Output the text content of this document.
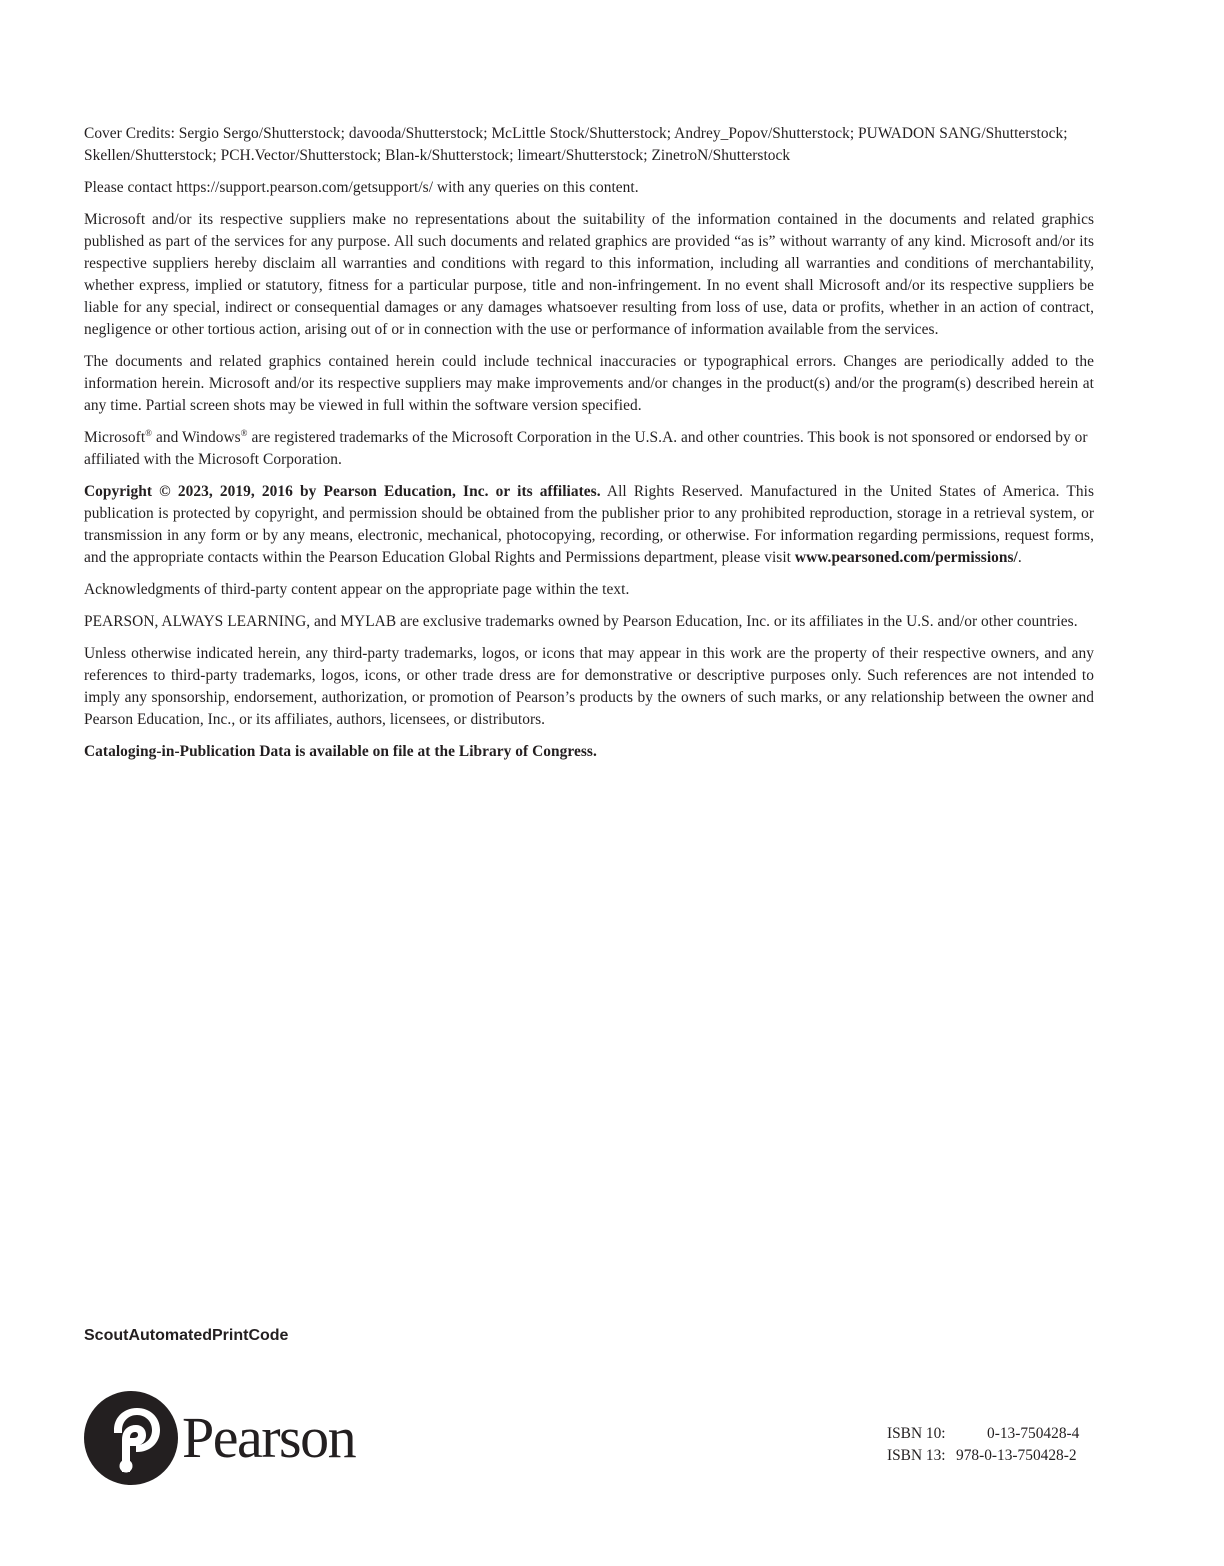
Cover Credits: Sergio Sergo/Shutterstock; davooda/Shutterstock; McLittle Stock/Shutterstock; Andrey_Popov/Shutterstock; PUWADON SANG/Shutterstock; Skellen/Shutterstock; PCH.Vector/Shutterstock; Blan-k/Shutterstock; limeart/Shutterstock; ZinetroN/Shutterstock

Please contact https://support.pearson.com/getsupport/s/ with any queries on this content.

Microsoft and/or its respective suppliers make no representations about the suitability of the information contained in the documents and related graphics published as part of the services for any purpose. All such documents and related graphics are provided “as is” without warranty of any kind. Microsoft and/or its respective suppliers hereby disclaim all warranties and conditions with regard to this information, including all warranties and conditions of merchantability, whether express, implied or statutory, fitness for a particular purpose, title and non-infringement. In no event shall Microsoft and/or its respective suppliers be liable for any special, indirect or consequential damages or any damages whatsoever resulting from loss of use, data or profits, whether in an action of contract, negligence or other tortious action, arising out of or in connection with the use or performance of information available from the services.

The documents and related graphics contained herein could include technical inaccuracies or typographical errors. Changes are periodically added to the information herein. Microsoft and/or its respective suppliers may make improvements and/or changes in the product(s) and/or the program(s) described herein at any time. Partial screen shots may be viewed in full within the software version specified.

Microsoft® and Windows® are registered trademarks of the Microsoft Corporation in the U.S.A. and other countries. This book is not sponsored or endorsed by or affiliated with the Microsoft Corporation.

Copyright © 2023, 2019, 2016 by Pearson Education, Inc. or its affiliates. All Rights Reserved. Manufactured in the United States of America. This publication is protected by copyright, and permission should be obtained from the publisher prior to any prohibited reproduction, storage in a retrieval system, or transmission in any form or by any means, electronic, mechanical, photocopying, recording, or otherwise. For information regarding permissions, request forms, and the appropriate contacts within the Pearson Education Global Rights and Permissions department, please visit www.pearsoned.com/permissions/.

Acknowledgments of third-party content appear on the appropriate page within the text.

PEARSON, ALWAYS LEARNING, and MYLAB are exclusive trademarks owned by Pearson Education, Inc. or its affiliates in the U.S. and/or other countries.

Unless otherwise indicated herein, any third-party trademarks, logos, or icons that may appear in this work are the property of their respective owners, and any references to third-party trademarks, logos, icons, or other trade dress are for demonstrative or descriptive purposes only. Such references are not intended to imply any sponsorship, endorsement, authorization, or promotion of Pearson’s products by the owners of such marks, or any relationship between the owner and Pearson Education, Inc., or its affiliates, authors, licensees, or distributors.

Cataloging-in-Publication Data is available on file at the Library of Congress.

ScoutAutomatedPrintCode
Pearson	ISBN 10:	0-13-750428-4
ISBN 13: 978-0-13-750428-2
